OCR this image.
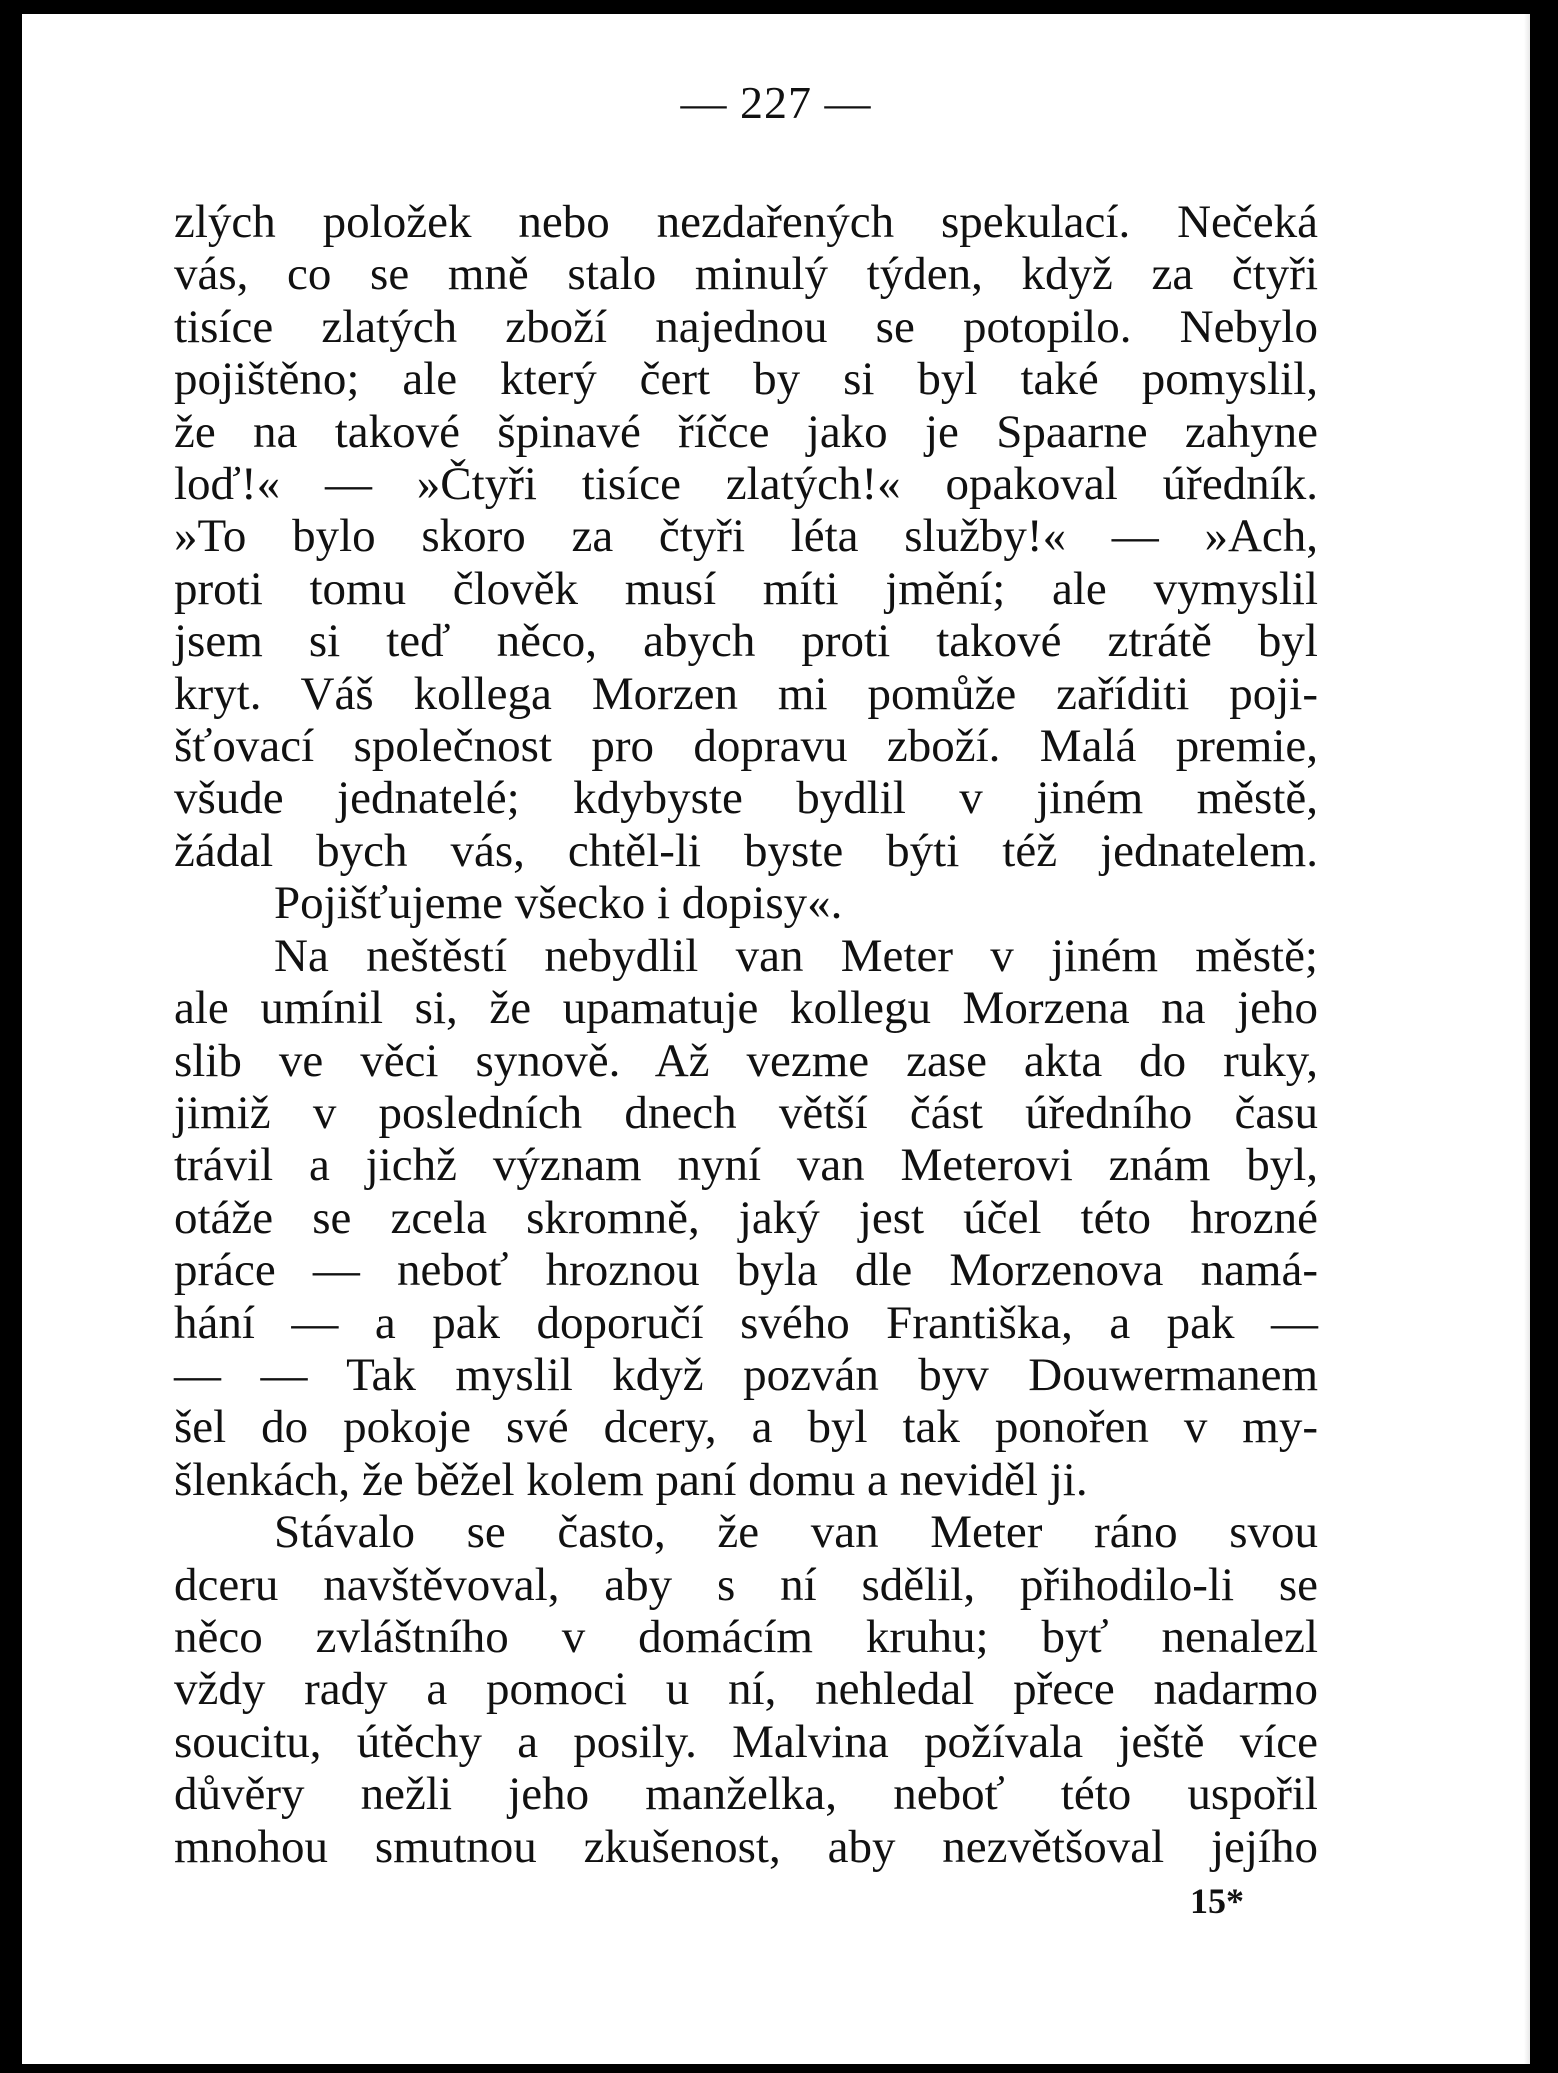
— 227 —
zlých položek nebo nezdařených spekulací. Nečeká
vás, co se mně stalo minulý týden, když za čtyři
tisíce zlatých zboží najednou se potopilo. Nebylo
pojištěno; ale který čert by si byl také pomyslil,
že na takové špinavé říčce jako je Spaarne zahyne
loď!« — »Čtyři tisíce zlatých!« opakoval úředník.
»To bylo skoro za čtyři léta služby!« — »Ach,
proti tomu člověk musí míti jmění; ale vymyslil
jsem si teď něco, abych proti takové ztrátě byl
kryt. Váš kollega Morzen mi pomůže zaříditi poji-
šťovací společnost pro dopravu zboží. Malá premie,
všude jednatelé; kdybyste bydlil v jiném městě,
žádal bych vás, chtěl-li byste býti též jednatelem.
Pojišťujeme všecko i dopisy«.
Na neštěstí nebydlil van Meter v jiném městě;
ale umínil si, že upamatuje kollegu Morzena na jeho
slib ve věci synově. Až vezme zase akta do ruky,
jimiž v posledních dnech větší část úředního času
trávil a jichž význam nyní van Meterovi znám byl,
otáže se zcela skromně, jaký jest účel této hrozné
práce — neboť hroznou byla dle Morzenova namá-
hání — a pak doporučí svého Františka, a pak —
— — Tak myslil když pozván byv Douwermanem
šel do pokoje své dcery, a byl tak ponořen v my-
šlenkách, že běžel kolem paní domu a neviděl ji.
Stávalo se často, že van Meter ráno svou
dceru navštěvoval, aby s ní sdělil, přihodilo-li se
něco zvláštního v domácím kruhu; byť nenalezl
vždy rady a pomoci u ní, nehledal přece nadarmo
soucitu, útěchy a posily. Malvina požívala ještě více
důvěry nežli jeho manželka, neboť této uspořil
mnohou smutnou zkušenost, aby nezvětšoval jejího
15*
